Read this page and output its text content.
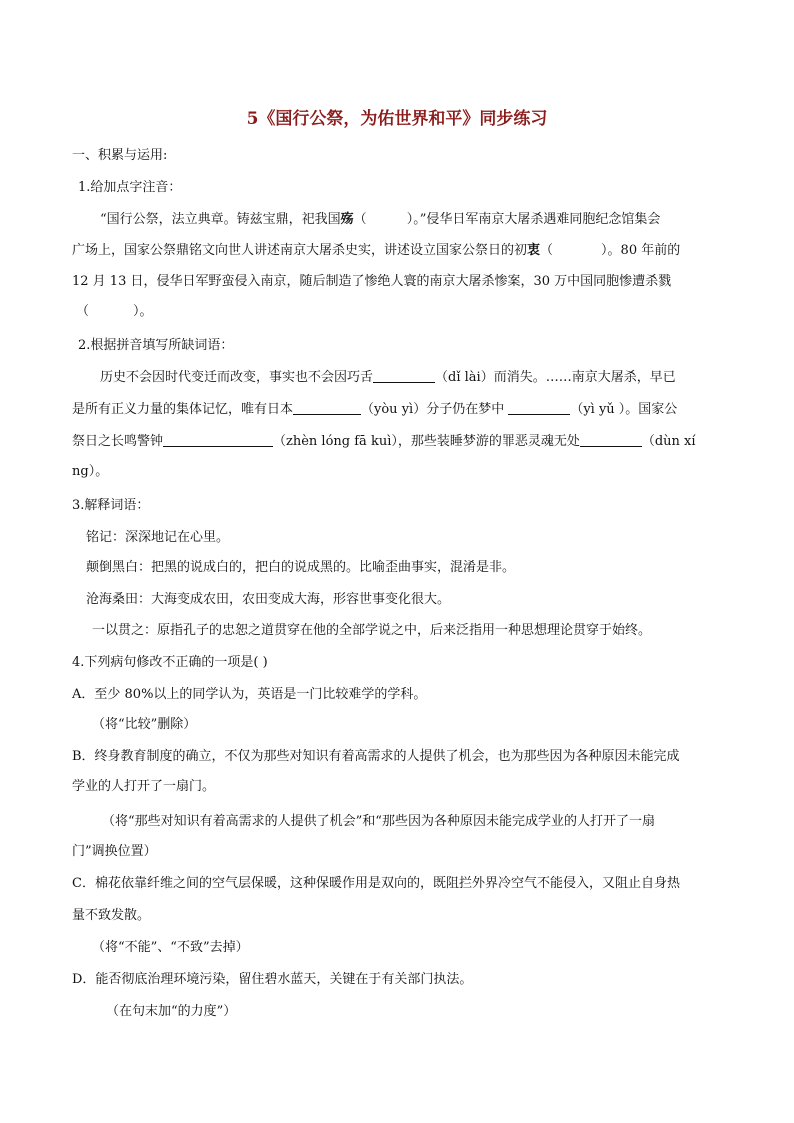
5《国行公祭，为佑世界和平》同步练习
一、积累与运用:
1.给加点字注音：
“国行公祭，法立典章。铸兹宝鼎，祀我国殇（	）。”侵华日军南京大屠杀遇难同胞纪念馆集会
广场上，国家公祭鼎铭文向世人讲述南京大屠杀史实，讲述设立国家公祭日的初衷（	）。80 年前的
12 月 13 日，侵华日军野蛮侵入南京，随后制造了惨绝人寰的南京大屠杀惨案，30 万中国同胞惨遭杀戮
（	）。
2.根据拼音填写所缺词语：
历史不会因时代变迁而改变，事实也不会因巧舌	（dǐ lài）而消失。……南京大屠杀，早已
是所有正义力量的集体记忆，唯有日本	（yòu yì）分子仍在梦中	（yì yǔ ）。国家公
祭日之长鸣警钟	（zhèn lóng fā kuì），那些装睡梦游的罪恶灵魂无处	（dùn xí
ng）。
3.解释词语：
铭记：深深地记在心里。
颠倒黑白：把黑的说成白的，把白的说成黑的。比喻歪曲事实，混淆是非。
沧海桑田：大海变成农田，农田变成大海，形容世事变化很大。
一以贯之：原指孔子的忠恕之道贯穿在他的全部学说之中，后来泛指用一种思想理论贯穿于始终。
4.下列病句修改不正确的一项是( )
A．至少 80%以上的同学认为，英语是一门比较难学的学科。
（将“比较”删除）
B．终身教育制度的确立，不仅为那些对知识有着高需求的人提供了机会，也为那些因为各种原因未能完成
学业的人打开了一扇门。
（将“那些对知识有着高需求的人提供了机会”和“那些因为各种原因未能完成学业的人打开了一扇
门”调换位置）
C．棉花依靠纤维之间的空气层保暖，这种保暖作用是双向的，既阻拦外界冷空气不能侵入，又阻止自身热
量不致发散。
（将“不能”、“不致”去掉）
D．能否彻底治理环境污染，留住碧水蓝天，关键在于有关部门执法。
（在句末加“的力度”）
